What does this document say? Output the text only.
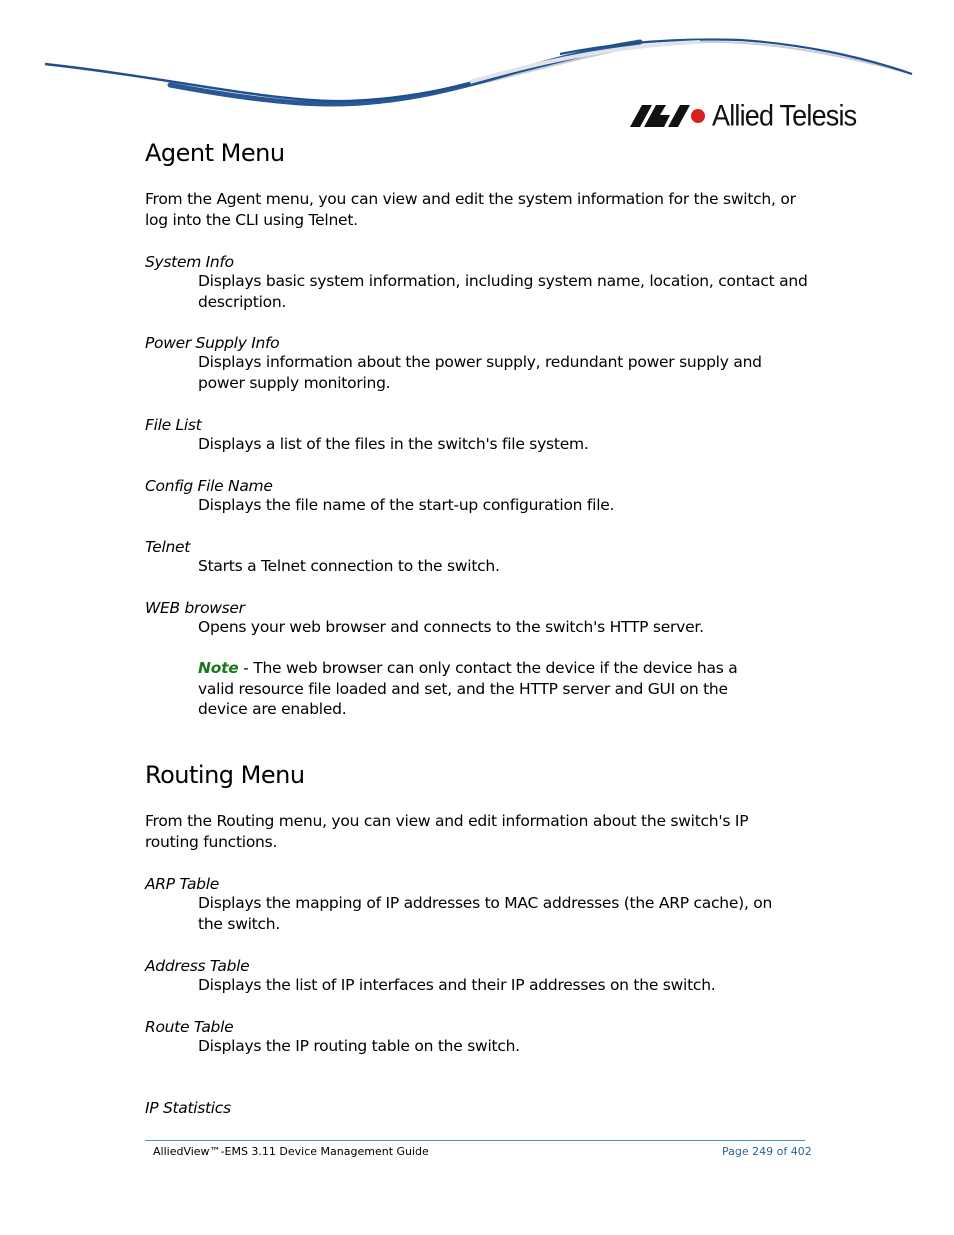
Allied Telesis
Agent Menu

From the Agent menu, you can view and edit the system information for the switch, or log into the CLI using Telnet.

System Info
Displays basic system information, including system name, location, contact and description.
Power Supply Info
Displays information about the power supply, redundant power supply and power supply monitoring.
File List
Displays a list of the files in the switch's file system.
Config File Name
Displays the file name of the start-up configuration file.
Telnet
Starts a Telnet connection to the switch.
WEB browser
Opens your web browser and connects to the switch's HTTP server.
Note - The web browser can only contact the device if the device has a valid resource file loaded and set, and the HTTP server and GUI on the device are enabled.
Routing Menu

From the Routing menu, you can view and edit information about the switch's IP routing functions.

ARP Table
Displays the mapping of IP addresses to MAC addresses (the ARP cache), on the switch.
Address Table
Displays the list of IP interfaces and their IP addresses on the switch.
Route Table
Displays the IP routing table on the switch.
IP Statistics
AlliedView™-EMS 3.11 Device Management Guide	Page 249 of 402
